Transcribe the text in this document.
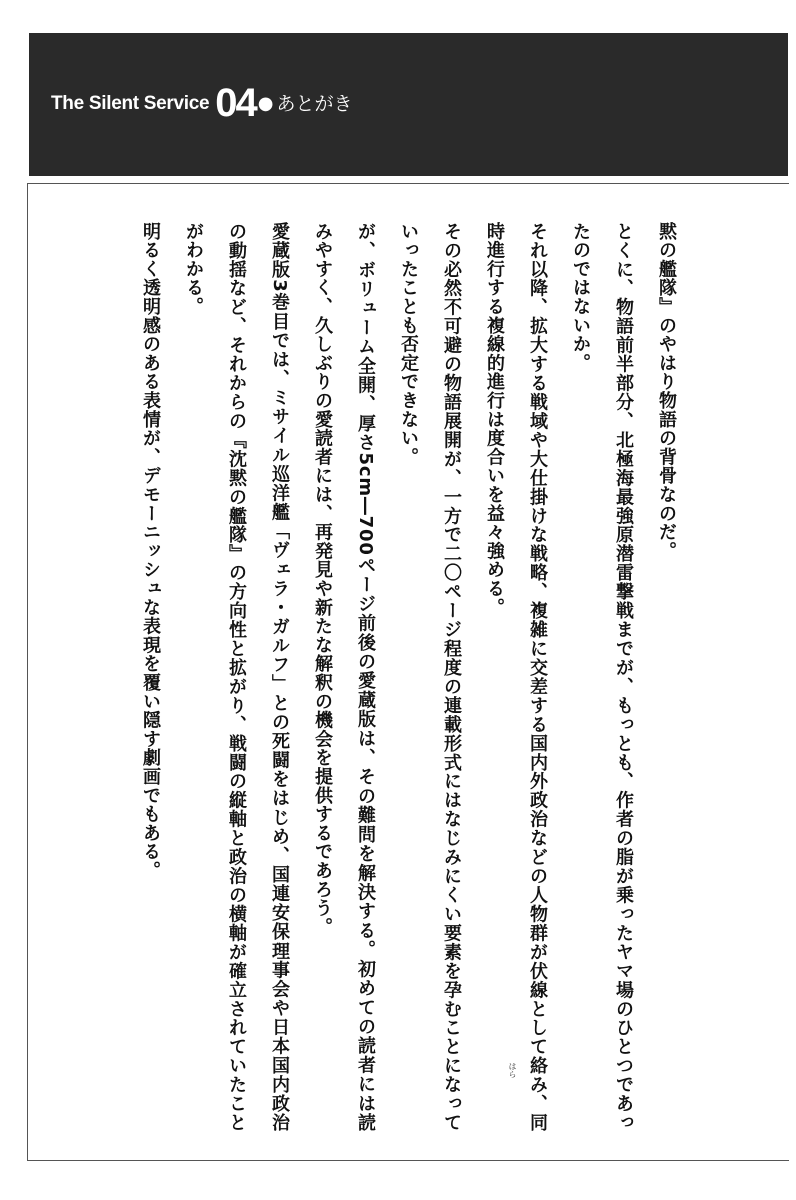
The Silent Service 04 ● あとがき

黙の艦隊』のやはり物語の背骨なのだ。

とくに、物語前半部分、北極海最強原潜雷撃戦までが、もっとも、作者の脂が乗ったヤマ場のひとつであったのではないか。

それ以降、拡大する戦域や大仕掛けな戦略、複雑に交差する国内外政治などの人物群が伏線として絡み、同時進行する複線的進行は度合いを益々強める。

その必然不可避の物語展開が、一方で二〇ページ程度の連載形式にはなじみにくい要素を孕むことになっていったことも否定できない。

が、ボリューム全開、厚さ5cm―700ページ前後の愛蔵版は、その難問を解決する。初めての読者には読みやすく、久しぶりの愛読者には、再発見や新たな解釈の機会を提供するであろう。

愛蔵版3巻目では、ミサイル巡洋艦「ヴェラ・ガルフ」との死闘をはじめ、国連安保理事会や日本国内政治の動揺など、それからの『沈黙の艦隊』の方向性と拡がり、戦闘の縦軸と政治の横軸が確立されていたことがわかる。

明るく透明感のある表情が、デモーニッシュな表現を覆い隠す劇画でもある。

はら
